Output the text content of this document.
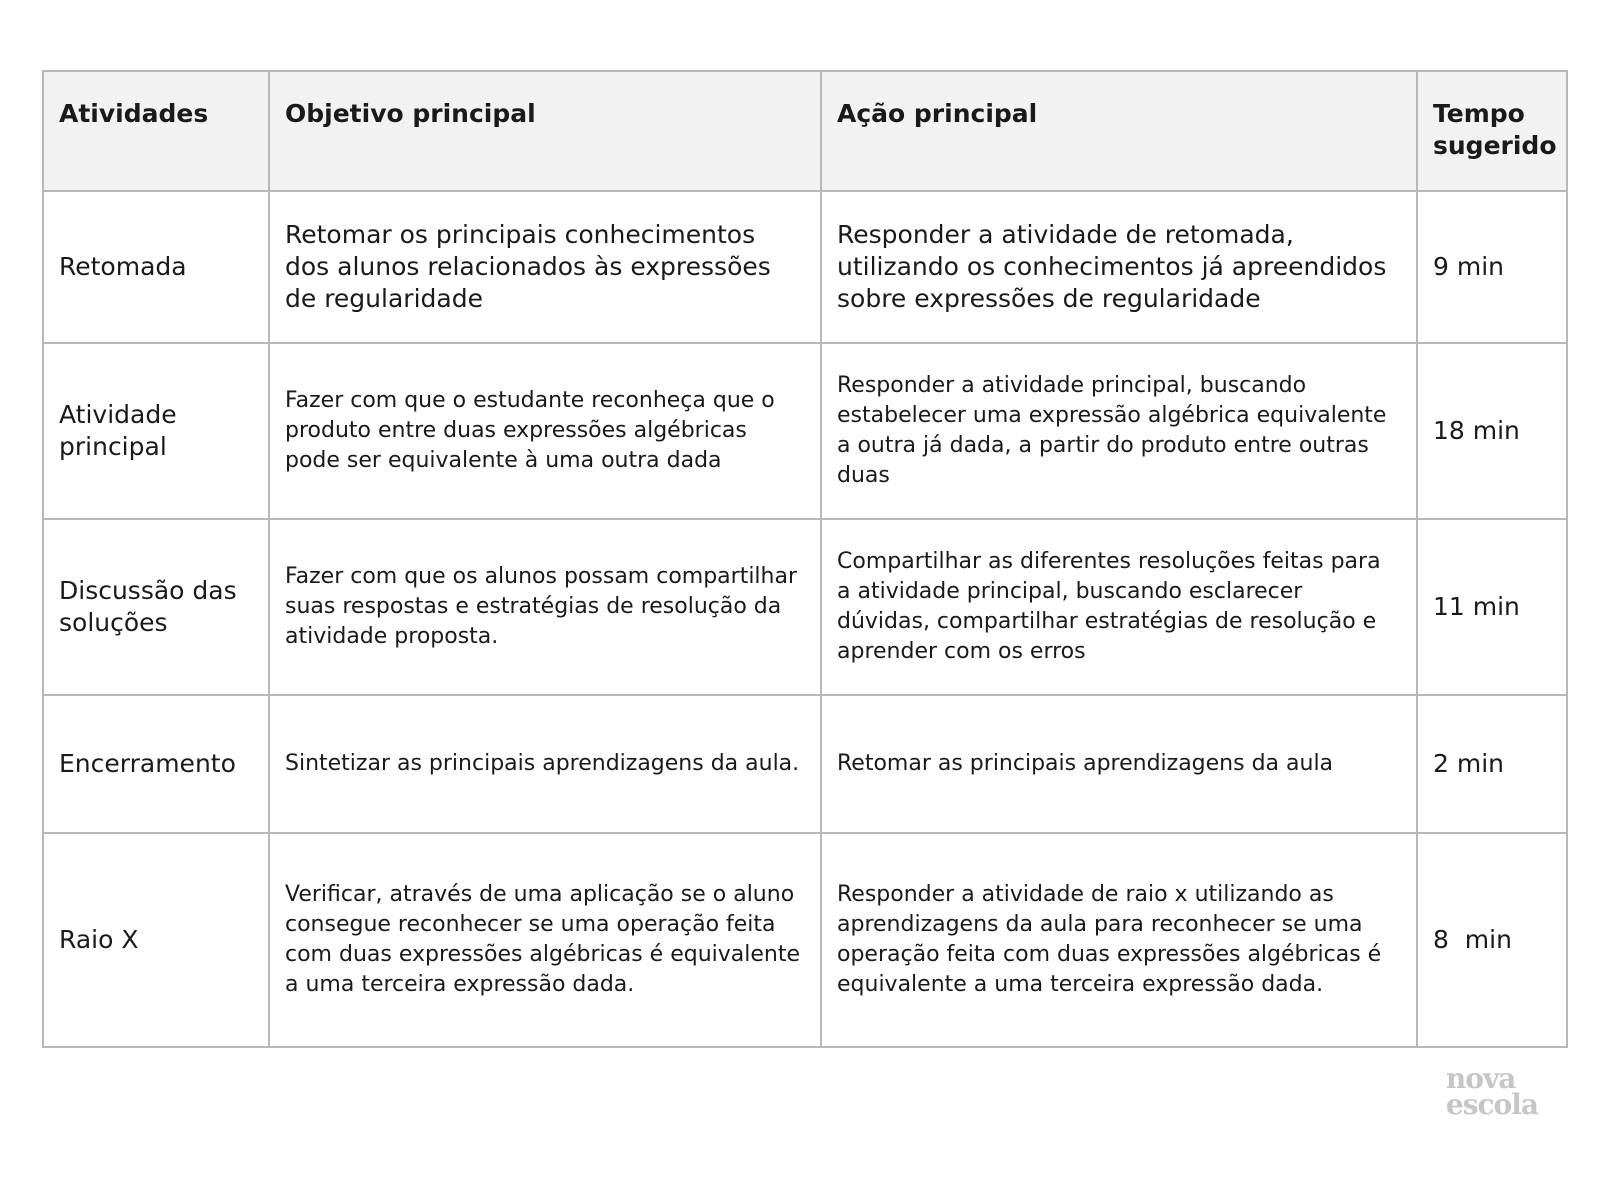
Atividades	Objetivo principal	Ação principal	Tempo sugerido
Retomada	Retomar os principais conhecimentos dos alunos relacionados às expressões de regularidade	Responder a atividade de retomada, utilizando os conhecimentos já apreendidos sobre expressões de regularidade	9 min
Atividade principal	Fazer com que o estudante reconheça que o produto entre duas expressões algébricas pode ser equivalente à uma outra dada	Responder a atividade principal, buscando estabelecer uma expressão algébrica equivalente a outra já dada, a partir do produto entre outras duas	18 min
Discussão das soluções	Fazer com que os alunos possam compartilhar suas respostas e estratégias de resolução da atividade proposta.	Compartilhar as diferentes resoluções feitas para a atividade principal, buscando esclarecer dúvidas, compartilhar estratégias de resolução e aprender com os erros	11 min
Encerramento	Sintetizar as principais aprendizagens da aula.	Retomar as principais aprendizagens da aula	2 min
Raio X	Verificar, através de uma aplicação se o aluno consegue reconhecer se uma operação feita com duas expressões algébricas é equivalente a uma terceira expressão dada.	Responder a atividade de raio x utilizando as aprendizagens da aula para reconhecer se uma operação feita com duas expressões algébricas é equivalente a uma terceira expressão dada.	8  min
nova
escola
